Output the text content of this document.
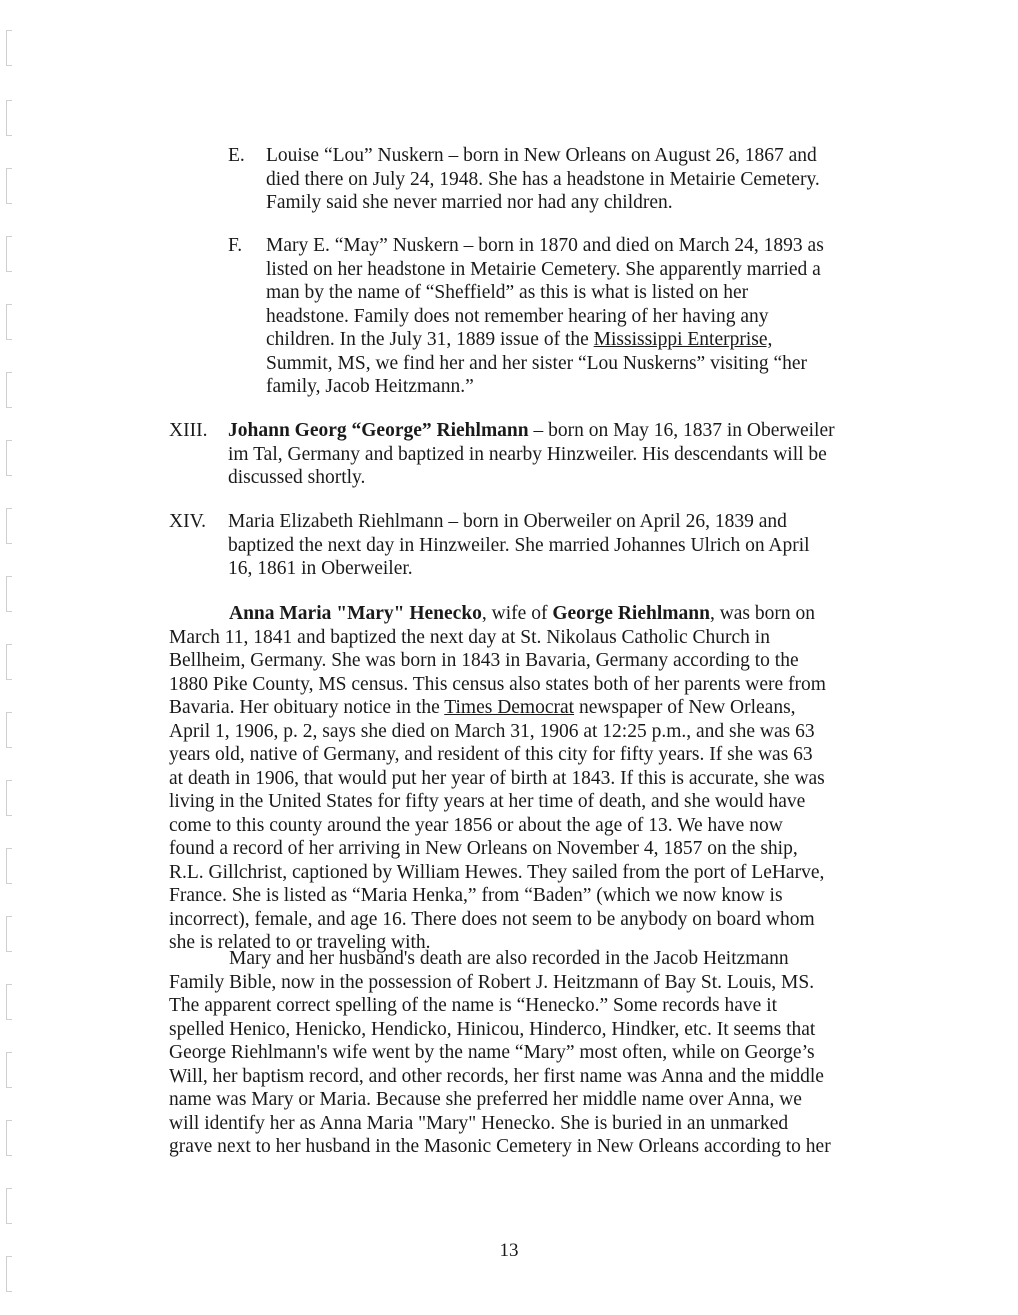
E. Louise “Lou” Nuskern – born in New Orleans on August 26, 1867 and
died there on July 24, 1948. She has a headstone in Metairie Cemetery.
Family said she never married nor had any children.
F. Mary E. “May” Nuskern – born in 1870 and died on March 24, 1893 as
listed on her headstone in Metairie Cemetery. She apparently married a
man by the name of “Sheffield” as this is what is listed on her
headstone. Family does not remember hearing of her having any
children. In the July 31, 1889 issue of the Mississippi Enterprise,
Summit, MS, we find her and her sister “Lou Nuskerns” visiting “her
family, Jacob Heitzmann.”
XIII. Johann Georg “George” Riehlmann – born on May 16, 1837 in Oberweiler
im Tal, Germany and baptized in nearby Hinzweiler. His descendants will be
discussed shortly.
XIV. Maria Elizabeth Riehlmann – born in Oberweiler on April 26, 1839 and
baptized the next day in Hinzweiler. She married Johannes Ulrich on April
16, 1861 in Oberweiler.
Anna Maria "Mary" Henecko, wife of George Riehlmann, was born on
March 11, 1841 and baptized the next day at St. Nikolaus Catholic Church in
Bellheim, Germany. She was born in 1843 in Bavaria, Germany according to the
1880 Pike County, MS census. This census also states both of her parents were from
Bavaria. Her obituary notice in the Times Democrat newspaper of New Orleans,
April 1, 1906, p. 2, says she died on March 31, 1906 at 12:25 p.m., and she was 63
years old, native of Germany, and resident of this city for fifty years. If she was 63
at death in 1906, that would put her year of birth at 1843. If this is accurate, she was
living in the United States for fifty years at her time of death, and she would have
come to this county around the year 1856 or about the age of 13. We have now
found a record of her arriving in New Orleans on November 4, 1857 on the ship,
R.L. Gillchrist, captioned by William Hewes. They sailed from the port of LeHarve,
France. She is listed as “Maria Henka,” from “Baden” (which we now know is
incorrect), female, and age 16. There does not seem to be anybody on board whom
she is related to or traveling with.
Mary and her husband's death are also recorded in the Jacob Heitzmann
Family Bible, now in the possession of Robert J. Heitzmann of Bay St. Louis, MS.
The apparent correct spelling of the name is “Henecko.” Some records have it
spelled Henico, Henicko, Hendicko, Hinicou, Hinderco, Hindker, etc. It seems that
George Riehlmann's wife went by the name “Mary” most often, while on George’s
Will, her baptism record, and other records, her first name was Anna and the middle
name was Mary or Maria. Because she preferred her middle name over Anna, we
will identify her as Anna Maria "Mary" Henecko. She is buried in an unmarked
grave next to her husband in the Masonic Cemetery in New Orleans according to her
13
